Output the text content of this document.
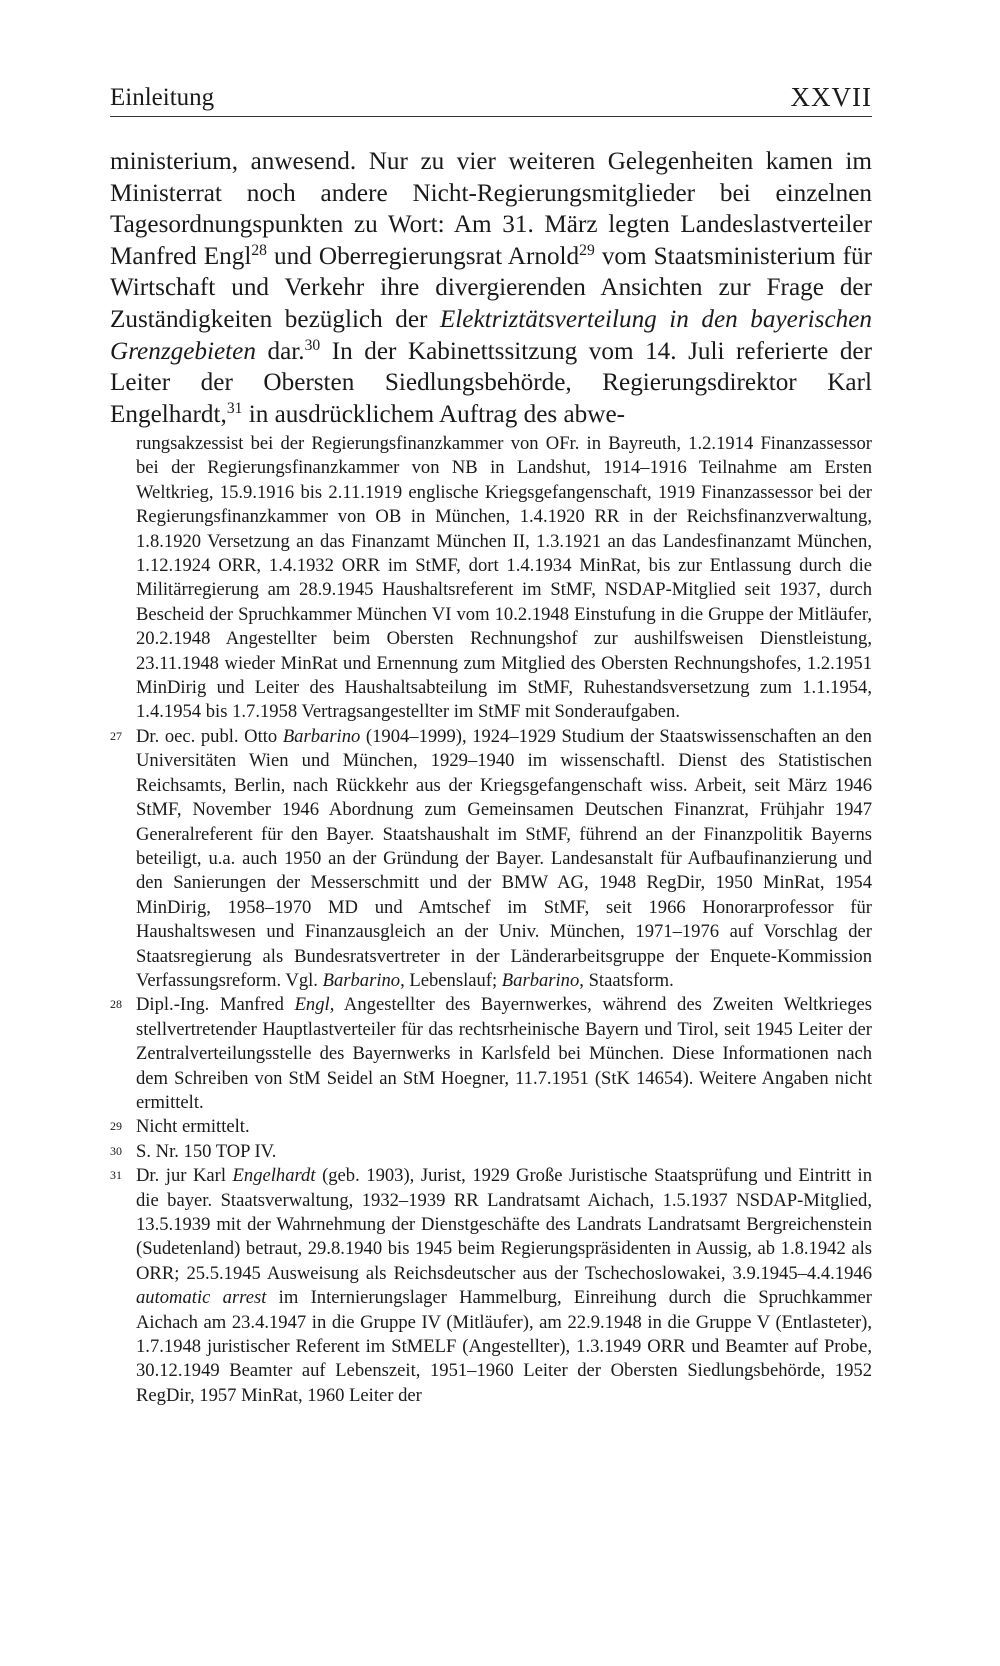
Einleitung	XXVII

ministerium, anwesend. Nur zu vier weiteren Gelegenheiten kamen im Ministerrat noch andere Nicht-Regierungsmitglieder bei einzelnen Tagesordnungspunkten zu Wort: Am 31. März legten Landeslastverteiler Manfred Engl$^{28}$ und Oberregierungsrat Arnold$^{29}$ vom Staatsministerium für Wirtschaft und Verkehr ihre divergierenden Ansichten zur Frage der Zuständigkeiten bezüglich der Elektriztätsverteilung in den bayerischen Grenzgebieten dar.$^{30}$ In der Kabinettssitzung vom 14. Juli referierte der Leiter der Obersten Siedlungsbehörde, Regierungsdirektor Karl Engelhardt,$^{31}$ in ausdrücklichem Auftrag des abwe-

rungsakzessist bei der Regierungsfinanzkammer von OFr. in Bayreuth, 1.2.1914 Finanzassessor bei der Regierungsfinanzkammer von NB in Landshut, 1914–1916 Teilnahme am Ersten Weltkrieg, 15.9.1916 bis 2.11.1919 englische Kriegsgefangenschaft, 1919 Finanzassessor bei der Regierungsfinanzkammer von OB in München, 1.4.1920 RR in der Reichsfinanzverwaltung, 1.8.1920 Versetzung an das Finanzamt München II, 1.3.1921 an das Landesfinanzamt München, 1.12.1924 ORR, 1.4.1932 ORR im StMF, dort 1.4.1934 MinRat, bis zur Entlassung durch die Militärregierung am 28.9.1945 Haushaltsreferent im StMF, NSDAP-Mitglied seit 1937, durch Bescheid der Spruchkammer München VI vom 10.2.1948 Einstufung in die Gruppe der Mitläufer, 20.2.1948 Angestellter beim Obersten Rechnungshof zur aushilfsweisen Dienstleistung, 23.11.1948 wieder MinRat und Ernennung zum Mitglied des Obersten Rechnungshofes, 1.2.1951 MinDirig und Leiter des Haushaltsabteilung im StMF, Ruhestandsversetzung zum 1.1.1954, 1.4.1954 bis 1.7.1958 Vertragsangestellter im StMF mit Sonderaufgaben.
27 Dr. oec. publ. Otto Barbarino (1904–1999), 1924–1929 Studium der Staatswissenschaften an den Universitäten Wien und München, 1929–1940 im wissenschaftl. Dienst des Statistischen Reichsamts, Berlin, nach Rückkehr aus der Kriegsgefangenschaft wiss. Arbeit, seit März 1946 StMF, November 1946 Abordnung zum Gemeinsamen Deutschen Finanzrat, Frühjahr 1947 Generalreferent für den Bayer. Staatshaushalt im StMF, führend an der Finanzpolitik Bayerns beteiligt, u.a. auch 1950 an der Gründung der Bayer. Landesanstalt für Aufbaufinanzierung und den Sanierungen der Messerschmitt und der BMW AG, 1948 RegDir, 1950 MinRat, 1954 MinDirig, 1958–1970 MD und Amtschef im StMF, seit 1966 Honorarprofessor für Haushaltswesen und Finanzausgleich an der Univ. München, 1971–1976 auf Vorschlag der Staatsregierung als Bundesratsvertreter in der Länderarbeitsgruppe der Enquete-Kommission Verfassungsreform. Vgl. Barbarino, Lebenslauf; Barbarino, Staatsform.
28 Dipl.-Ing. Manfred Engl, Angestellter des Bayernwerkes, während des Zweiten Weltkrieges stellvertretender Hauptlastverteiler für das rechtsrheinische Bayern und Tirol, seit 1945 Leiter der Zentralverteilungsstelle des Bayernwerks in Karlsfeld bei München. Diese Informationen nach dem Schreiben von StM Seidel an StM Hoegner, 11.7.1951 (StK 14654). Weitere Angaben nicht ermittelt.
29 Nicht ermittelt.
30 S. Nr. 150 TOP IV.
31 Dr. jur Karl Engelhardt (geb. 1903), Jurist, 1929 Große Juristische Staatsprüfung und Eintritt in die bayer. Staatsverwaltung, 1932–1939 RR Landratsamt Aichach, 1.5.1937 NSDAP-Mitglied, 13.5.1939 mit der Wahrnehmung der Dienstgeschäfte des Landrats Landratsamt Bergreichenstein (Sudetenland) betraut, 29.8.1940 bis 1945 beim Regierungspräsidenten in Aussig, ab 1.8.1942 als ORR; 25.5.1945 Ausweisung als Reichsdeutscher aus der Tschechoslowakei, 3.9.1945–4.4.1946 automatic arrest im Internierungslager Hammelburg, Einreihung durch die Spruchkammer Aichach am 23.4.1947 in die Gruppe IV (Mitläufer), am 22.9.1948 in die Gruppe V (Entlasteter), 1.7.1948 juristischer Referent im StMELF (Angestellter), 1.3.1949 ORR und Beamter auf Probe, 30.12.1949 Beamter auf Lebenszeit, 1951–1960 Leiter der Obersten Siedlungsbehörde, 1952 RegDir, 1957 MinRat, 1960 Leiter der
